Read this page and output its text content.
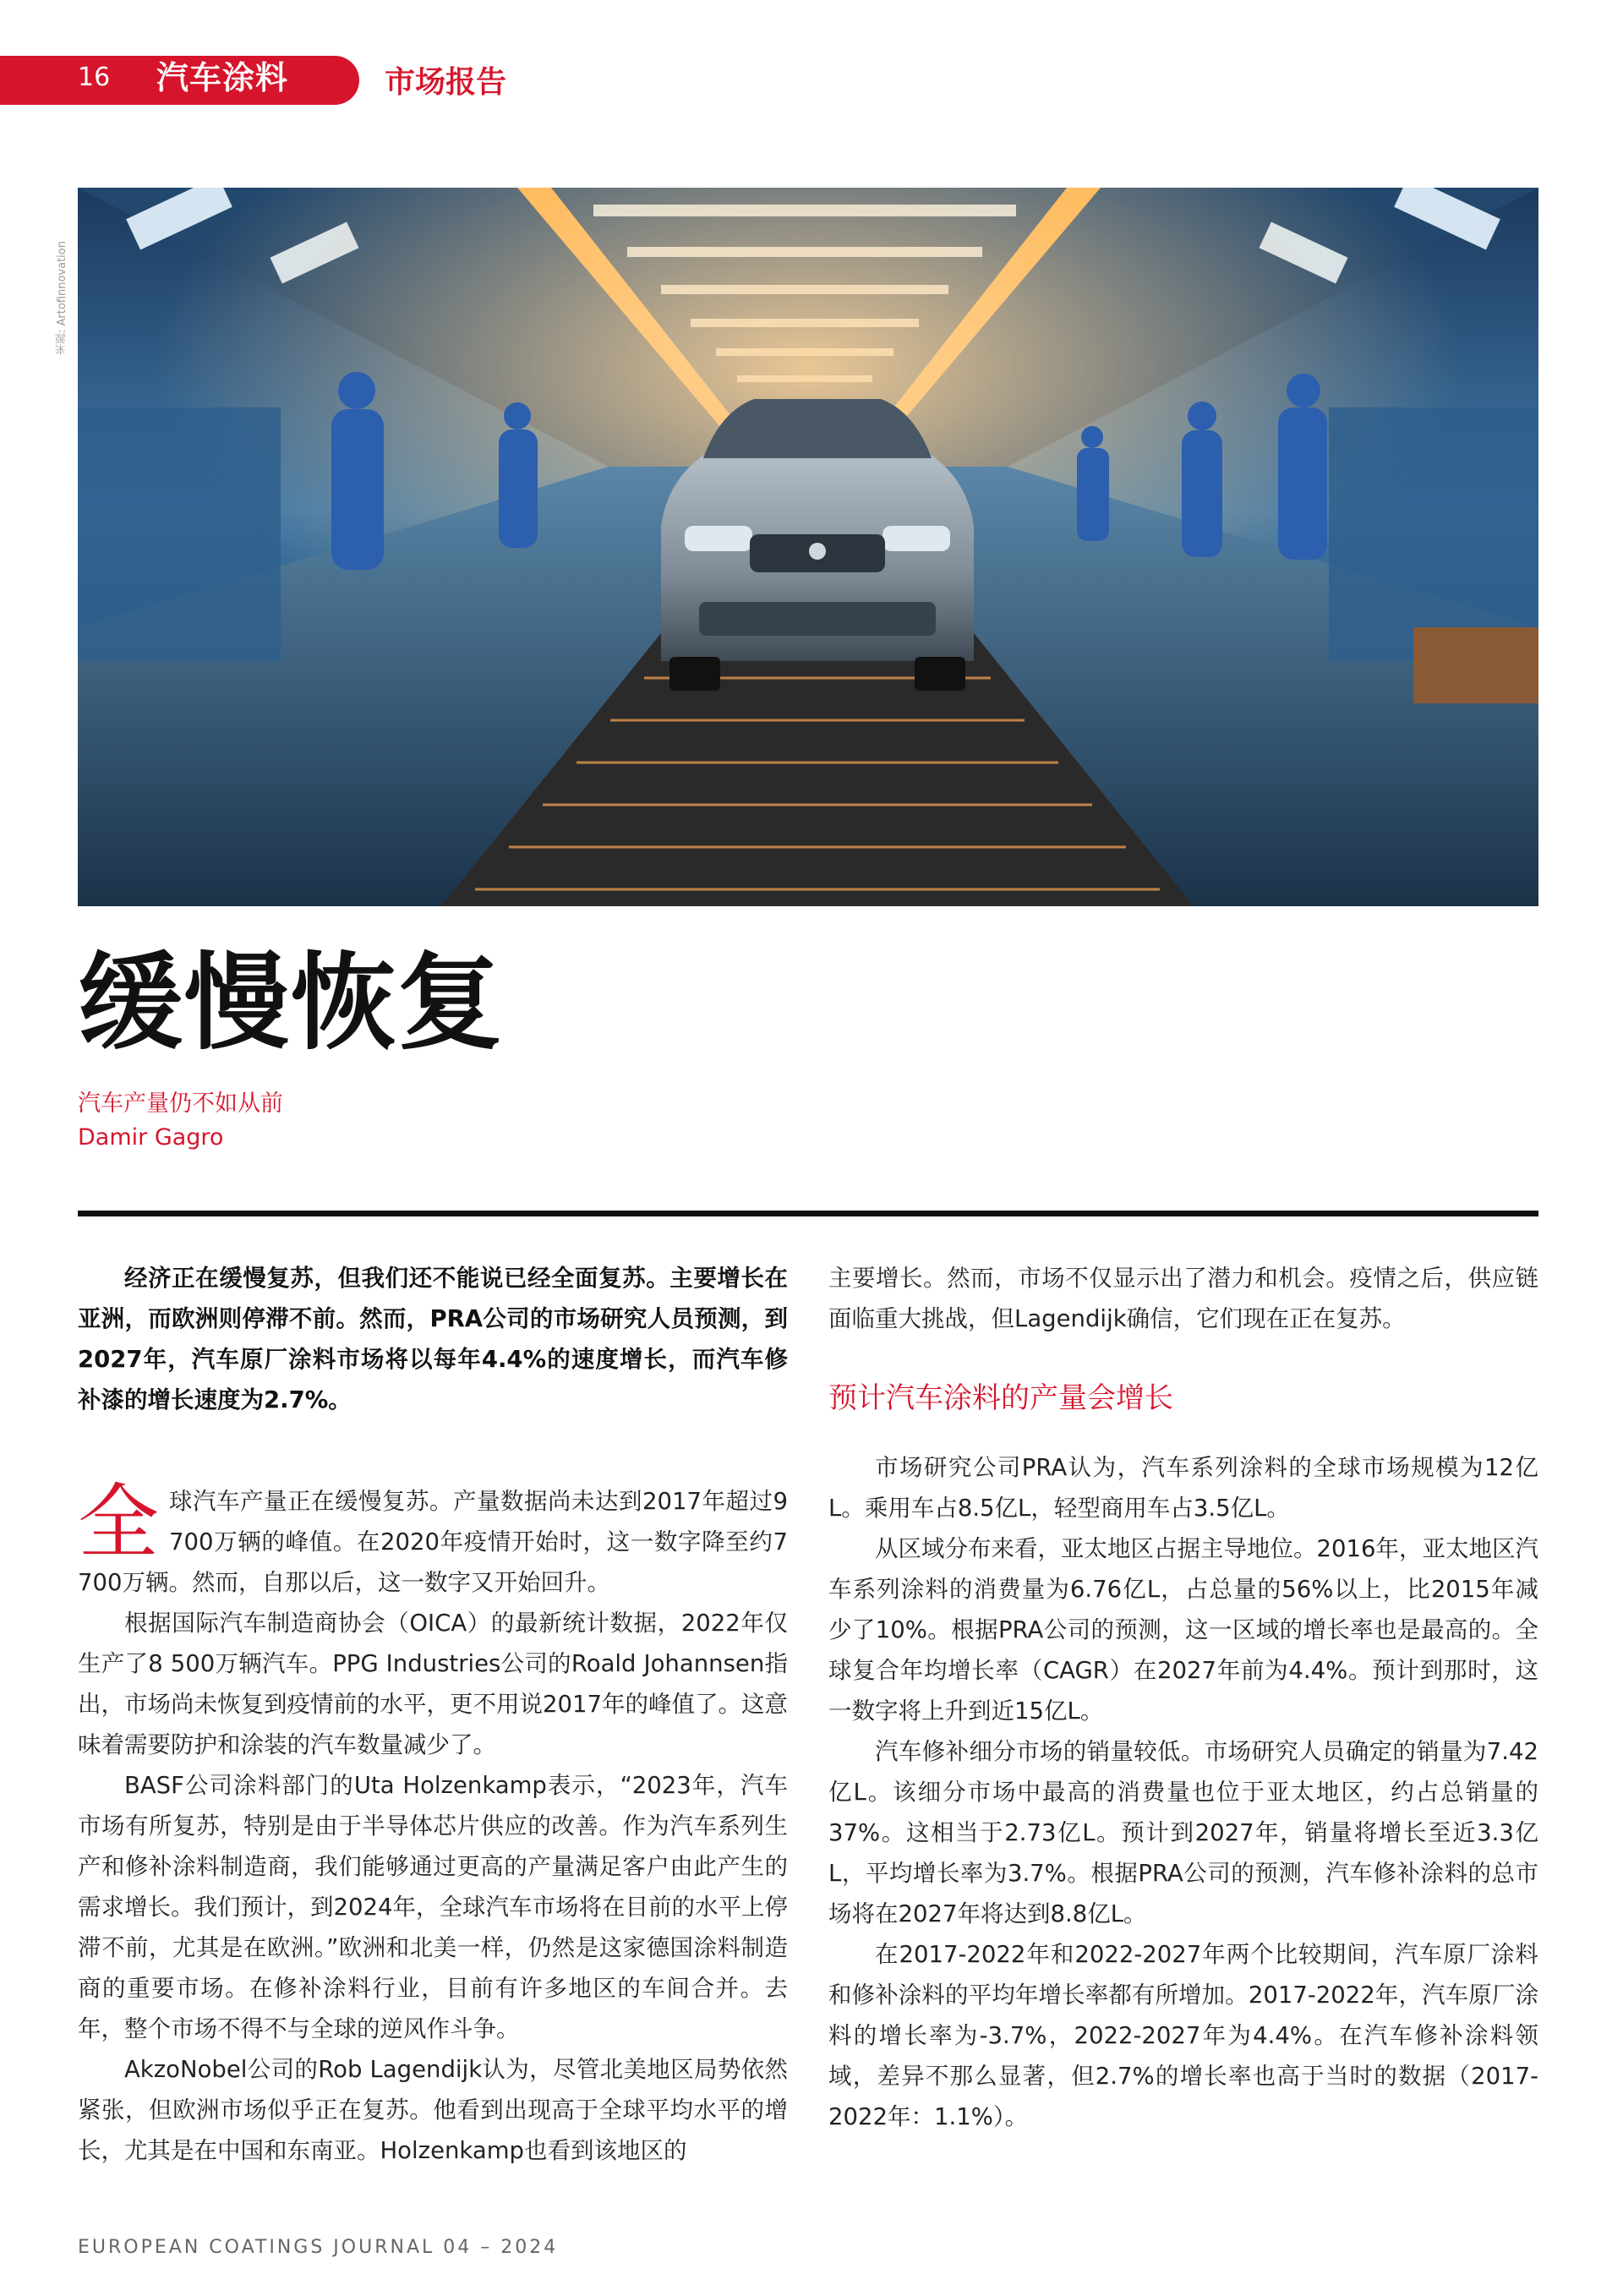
16 汽车涂料	市场报告
来源: Artofinnovation
缓慢恢复
汽车产量仍不如从前
Damir Gagro

经济正在缓慢复苏，但我们还不能说已经全面复苏。主要增长在亚洲，而欧洲则停滞不前。然而，PRA公司的市场研究人员预测，到2027年，汽车原厂涂料市场将以每年4.4%的速度增长，而汽车修补漆的增长速度为2.7%。

全球汽车产量正在缓慢复苏。产量数据尚未达到2017年超过9 700万辆的峰值。在2020年疫情开始时，这一数字降至约7 700万辆。然而，自那以后，这一数字又开始回升。

根据国际汽车制造商协会（OICA）的最新统计数据，2022年仅生产了8 500万辆汽车。PPG Industries公司的Roald Johannsen指出，市场尚未恢复到疫情前的水平，更不用说2017年的峰值了。这意味着需要防护和涂装的汽车数量减少了。

BASF公司涂料部门的Uta Holzenkamp表示，“2023年，汽车市场有所复苏，特别是由于半导体芯片供应的改善。作为汽车系列生产和修补涂料制造商，我们能够通过更高的产量满足客户由此产生的需求增长。我们预计，到2024年，全球汽车市场将在目前的水平上停滞不前，尤其是在欧洲。”欧洲和北美一样，仍然是这家德国涂料制造商的重要市场。在修补涂料行业，目前有许多地区的车间合并。去年，整个市场不得不与全球的逆风作斗争。

AkzoNobel公司的Rob Lagendijk认为，尽管北美地区局势依然紧张，但欧洲市场似乎正在复苏。他看到出现高于全球平均水平的增长，尤其是在中国和东南亚。Holzenkamp也看到该地区的

主要增长。然而，市场不仅显示出了潜力和机会。疫情之后，供应链面临重大挑战，但Lagendijk确信，它们现在正在复苏。

预计汽车涂料的产量会增长

市场研究公司PRA认为，汽车系列涂料的全球市场规模为12亿L。乘用车占8.5亿L，轻型商用车占3.5亿L。

从区域分布来看，亚太地区占据主导地位。2016年，亚太地区汽车系列涂料的消费量为6.76亿L，占总量的56%以上，比2015年减少了10%。根据PRA公司的预测，这一区域的增长率也是最高的。全球复合年均增长率（CAGR）在2027年前为4.4%。预计到那时，这一数字将上升到近15亿L。

汽车修补细分市场的销量较低。市场研究人员确定的销量为7.42亿L。该细分市场中最高的消费量也位于亚太地区，约占总销量的37%。这相当于2.73亿L。预计到2027年，销量将增长至近3.3亿L，平均增长率为3.7%。根据PRA公司的预测，汽车修补涂料的总市场将在2027年将达到8.8亿L。

在2017-2022年和2022-2027年两个比较期间，汽车原厂涂料和修补涂料的平均年增长率都有所增加。2017-2022年，汽车原厂涂料的增长率为-3.7%，2022-2027年为4.4%。在汽车修补涂料领域，差异不那么显著，但2.7%的增长率也高于当时的数据（2017-2022年：1.1%）。

EUROPEAN COATINGS JOURNAL 04 – 2024
